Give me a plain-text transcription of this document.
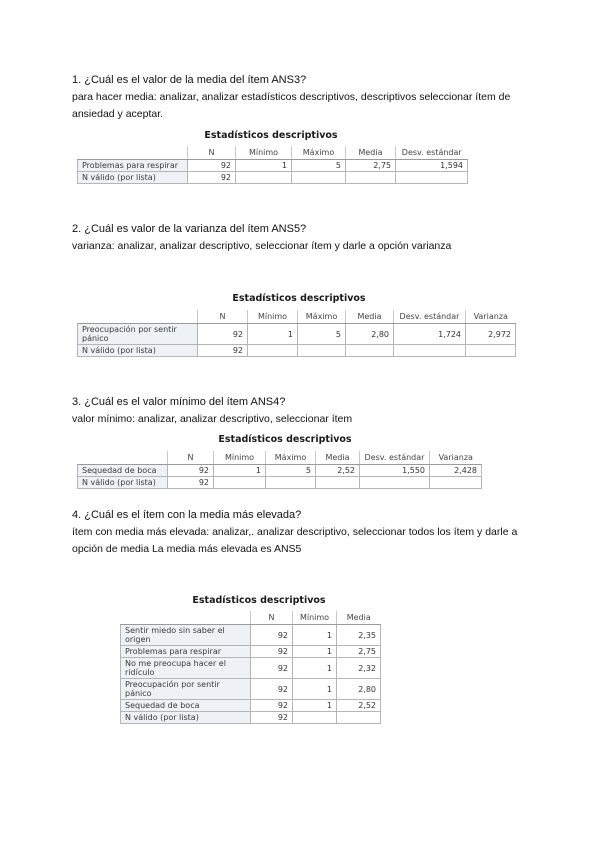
1. ¿Cuál es el valor de la media del ítem ANS3?
para hacer media: analizar, analizar estadísticos descriptivos, descriptivos seleccionar ítem de ansiedad y aceptar.
Estadísticos descriptivos
	N	Mínimo	Máximo	Media	Desv. estándar
Problemas para respirar	92	1	5	2,75	1,594
N válido (por lista)	92				
2. ¿Cuál es valor de la varianza del ítem ANS5?
varianza: analizar, analizar descriptivo, seleccionar ítem y darle a opción varianza
Estadísticos descriptivos
	N	Mínimo	Máximo	Media	Desv. estándar	Varianza
Preocupación por sentir pánico	92	1	5	2,80	1,724	2,972
N válido (por lista)	92					
3. ¿Cuál es el valor mínimo del ítem ANS4?
valor mínimo: analizar, analizar descriptivo, seleccionar ítem
Estadísticos descriptivos
	N	Mínimo	Máximo	Media	Desv. estándar	Varianza
Sequedad de boca	92	1	5	2,52	1,550	2,428
N válido (por lista)	92					
4. ¿Cuál es el ítem con la media más elevada?
ítem con media más elevada: analizar,. analizar descriptivo, seleccionar todos los ítem y darle a opción de media La media más elevada es ANS5
Estadísticos descriptivos
	N	Mínimo	Media
Sentir miedo sin saber el origen	92	1	2,35
Problemas para respirar	92	1	2,75
No me preocupa hacer el ridículo	92	1	2,32
Preocupación por sentir pánico	92	1	2,80
Sequedad de boca	92	1	2,52
N válido (por lista)	92		
